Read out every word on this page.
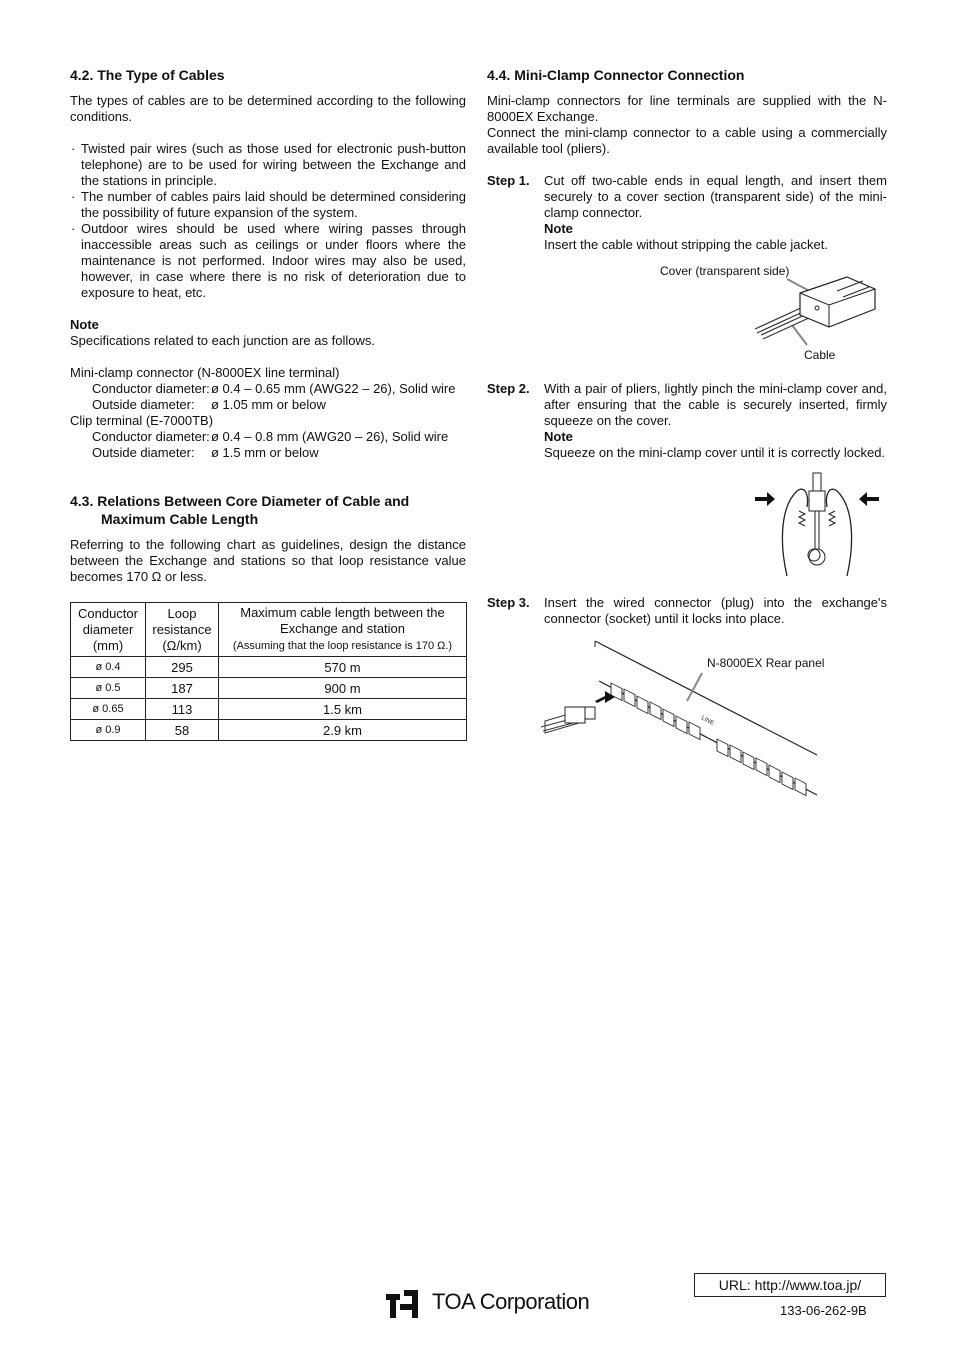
4.2. The Type of Cables

The types of cables are to be determined according to the following conditions.

· Twisted pair wires (such as those used for electronic push-button telephone) are to be used for wiring between the Exchange and the stations in principle.
· The number of cables pairs laid should be determined considering the possibility of future expansion of the system.
· Outdoor wires should be used where wiring passes through inaccessible areas such as ceilings or under floors where the maintenance is not performed. Indoor wires may also be used, however, in case where there is no risk of deterioration due to exposure to heat, etc.

Note

Specifications related to each junction are as follows.

Mini-clamp connector (N-8000EX line terminal)

Conductor diameter: ø 0.4 – 0.65 mm (AWG22 – 26), Solid wire
Outside diameter:	ø 1.05 mm or below

Clip terminal (E-7000TB)

Conductor diameter: ø 0.4 – 0.8 mm (AWG20 – 26), Solid wire
Outside diameter:	ø 1.5 mm or below
4.3. Relations Between Core Diameter of Cable and
Maximum Cable Length

Referring to the following chart as guidelines, design the distance between the Exchange and stations so that loop resistance value becomes 170 Ω or less.

Conductor diameter (mm)	Loop resistance (Ω/km)	Maximum cable length between the Exchange and station
(Assuming that the loop resistance is 170 Ω.)
ø 0.4	295	570 m
ø 0.5	187	900 m
ø 0.65	113	1.5 km
ø 0.9	58	2.9 km
4.4. Mini-Clamp Connector Connection

Mini-clamp connectors for line terminals are supplied with the N-8000EX Exchange.

Connect the mini-clamp connector to a cable using a commercially available tool (pliers).

Step 1.	Cut off two-cable ends in equal length, and insert them securely to a cover section (transparent side) of the mini-clamp connector.

Note

Insert the cable without stripping the cable jacket.

Cover (transparent side)
Cable
Step 2.	With a pair of pliers, lightly pinch the mini-clamp cover and, after ensuring that the cable is securely inserted, firmly squeeze on the cover.

Note

Squeeze on the mini-clamp cover until it is correctly locked.

Step 3.	Insert the wired connector (plug) into the exchange's connector (socket) until it locks into place.

N-8000EX Rear panel
LINE
URL: http://www.toa.jp/
TOA Corporation	133-06-262-9B
